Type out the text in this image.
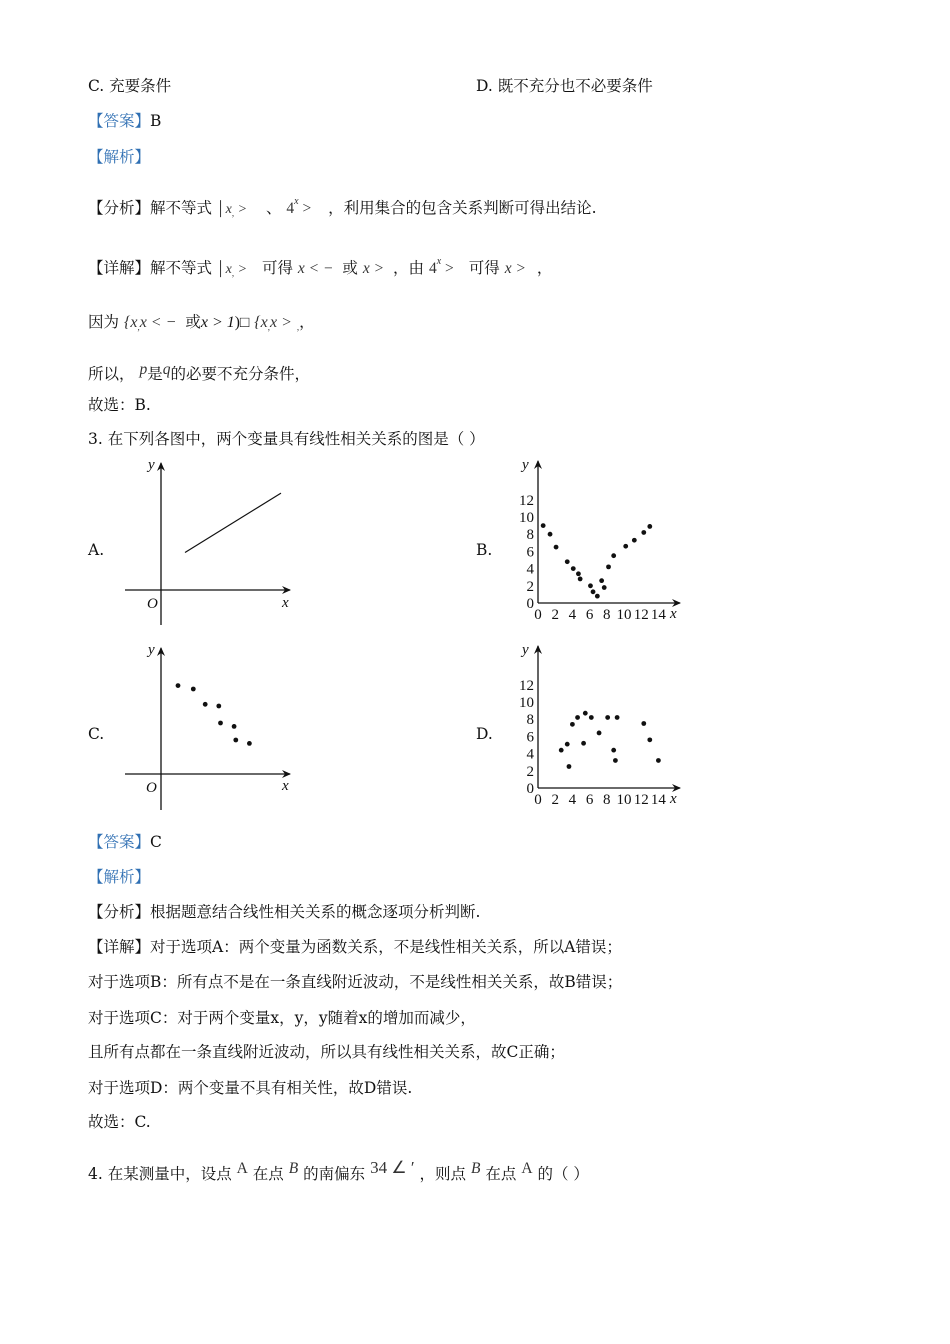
C. 充要条件	D. 既不充分也不必要条件
【答案】B
【解析】
【分析】解不等式 $│x_,$ > 、 $4^x$ > ，利用集合的包含关系判断可得出结论.
【详解】解不等式 $│x_,$ > 可得 x < − 或 x > ，由 $4^x$ > 可得 x > ，
因为 {$x_,x$ < − 或x > 1)□ {$x_,x > _,$，
所以， p是q的必要不充分条件，
故选：B.
3. 在下列各图中，两个变量具有线性相关关系的图是（ ）
A.	B.
C.	D.
O	x
y	y
x
0
2
4
6
8
10
12
0 2 4 6 8 10 12 14
O	x
y	y
x
0
2
4
6
8
10
12
0 2 4 6 8 10 12 14
【答案】C
【解析】
【分析】根据题意结合线性相关关系的概念逐项分析判断.
【详解】对于选项A：两个变量为函数关系，不是线性相关关系，所以A错误；
对于选项B：所有点不是在一条直线附近波动，不是线性相关关系，故B错误；
对于选项C：对于两个变量x，y，y随着x的增加而减少，
且所有点都在一条直线附近波动，所以具有线性相关关系，故C正确；
对于选项D：两个变量不具有相关性，故D错误.
故选：C.
4. 在某测量中，设点 A 在点 B 的南偏东 34 ∠ ′ ，则点 B 在点 A 的（ ）
